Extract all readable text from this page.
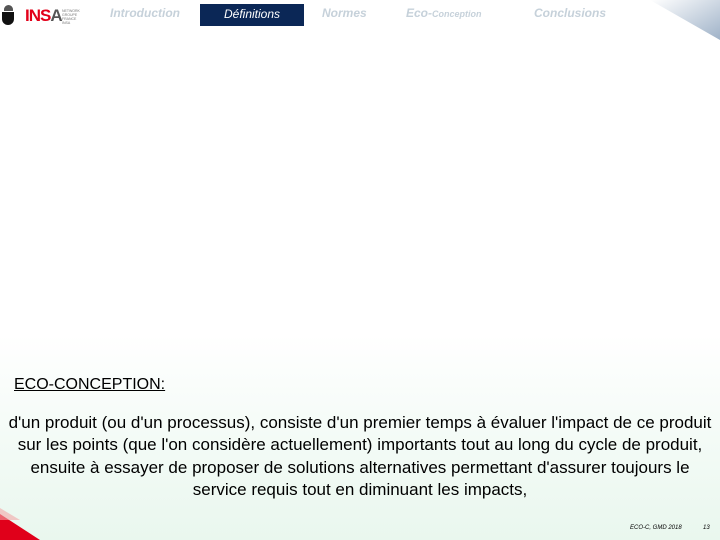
INSA NETWORK GROUPE FRANCE INSA
Introduction	Définitions	Normes	Eco-Conception	Conclusions
ECO-CONCEPTION:
d'un produit (ou d'un processus), consiste d'un premier temps à évaluer l'impact de ce produit sur les points (que l'on considère actuellement) importants tout au long du cycle de produit, ensuite à essayer de proposer de solutions alternatives permettant d'assurer toujours le service requis tout en diminuant les impacts,
ECO-C, GMD 2018	13
